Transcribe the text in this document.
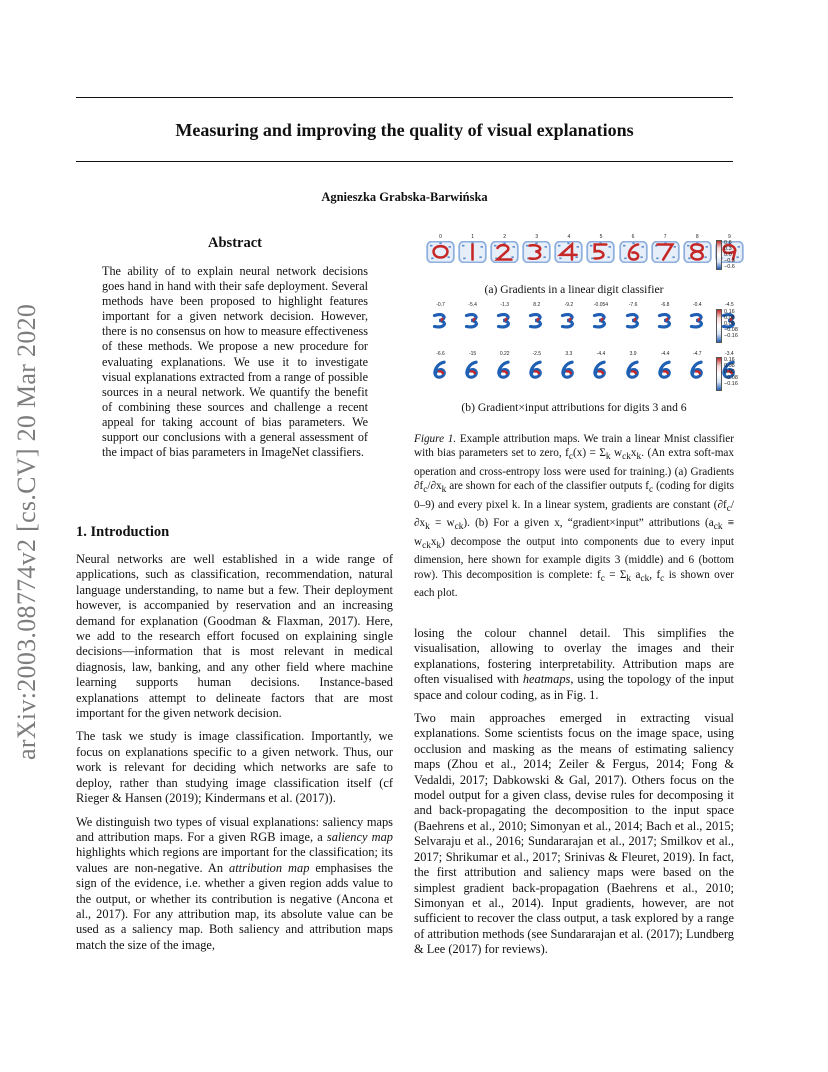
arXiv:2003.08774v2 [cs.CV] 20 Mar 2020
Measuring and improving the quality of visual explanations
Agnieszka Grabska-Barwińska
Abstract
The ability of to explain neural network decisions goes hand in hand with their safe deployment. Several methods have been proposed to highlight features important for a given network decision. However, there is no consensus on how to measure effectiveness of these methods. We propose a new procedure for evaluating explanations. We use it to investigate visual explanations extracted from a range of possible sources in a neural network. We quantify the benefit of combining these sources and challenge a recent appeal for taking account of bias parameters. We support our conclusions with a general assessment of the impact of bias parameters in ImageNet classifiers.
1. Introduction

Neural networks are well established in a wide range of applications, such as classification, recommendation, natural language understanding, to name but a few. Their deployment however, is accompanied by reservation and an increasing demand for explanation (Goodman & Flaxman, 2017). Here, we add to the research effort focused on explaining single decisions—information that is most relevant in medical diagnosis, law, banking, and any other field where machine learning supports human decisions. Instance-based explanations attempt to delineate factors that are most important for the given network decision.

The task we study is image classification. Importantly, we focus on explanations specific to a given network. Thus, our work is relevant for deciding which networks are safe to deploy, rather than studying image classification itself (cf Rieger & Hansen (2019); Kindermans et al. (2017)).

We distinguish two types of visual explanations: saliency maps and attribution maps. For a given RGB image, a saliency map highlights which regions are important for the classification; its values are non-negative. An attribution map emphasises the sign of the evidence, i.e. whether a given region adds value to the output, or whether its contribution is negative (Ancona et al., 2017). For any attribution map, its absolute value can be used as a saliency map. Both saliency and attribution maps match the size of the image,

0	1	2	3	4	5	6	7	8	9
0.6
0.3
0.0
−0.3
−0.6
(a) Gradients in a linear digit classifier
-0.7	-5.4	-1.3	8.2	-9.2	-0.054	-7.6	-6.8	-0.4	-4.5
0.16
0.08
0.00
−0.08
−0.16
-6.6	-15	0.22	-2.5	3.3	-4.4	3.9	-4.4	-4.7	-3.4
0.16
0.08
0.00
−0.08
−0.16
(b) Gradient×input attributions for digits 3 and 6
Figure 1. Example attribution maps. We train a linear Mnist classifier with bias parameters set to zero, $f_c(x) = \Sigma_k$ $w_{ck}x_k$. (An extra soft-max operation and cross-entropy loss were used for training.) (a) Gradients $\partial f_c/\partial x_k$ are shown for each of the classifier outputs $f_c$ (coding for digits 0–9) and every pixel k. In a linear system, gradients are constant $(\partial f_c/\partial x_k = w_{ck})$. (b) For a given x, “gradient×input” attributions $(a_{ck} \equiv w_{ck}x_k)$ decompose the output into components due to every input dimension, here shown for example digits 3 (middle) and 6 (bottom row). This decomposition is complete: $f_c = \Sigma_k$ $a_{ck}$, $f_c$ is shown over each plot.

losing the colour channel detail. This simplifies the visualisation, allowing to overlay the images and their explanations, fostering interpretability. Attribution maps are often visualised with heatmaps, using the topology of the input space and colour coding, as in Fig. 1.

Two main approaches emerged in extracting visual explanations. Some scientists focus on the image space, using occlusion and masking as the means of estimating saliency maps (Zhou et al., 2014; Zeiler & Fergus, 2014; Fong & Vedaldi, 2017; Dabkowski & Gal, 2017). Others focus on the model output for a given class, devise rules for decomposing it and back-propagating the decomposition to the input space (Baehrens et al., 2010; Simonyan et al., 2014; Bach et al., 2015; Selvaraju et al., 2016; Sundararajan et al., 2017; Smilkov et al., 2017; Shrikumar et al., 2017; Srinivas & Fleuret, 2019). In fact, the first attribution and saliency maps were based on the simplest gradient back-propagation (Baehrens et al., 2010; Simonyan et al., 2014). Input gradients, however, are not sufficient to recover the class output, a task explored by a range of attribution methods (see Sundararajan et al. (2017); Lundberg & Lee (2017) for reviews).
